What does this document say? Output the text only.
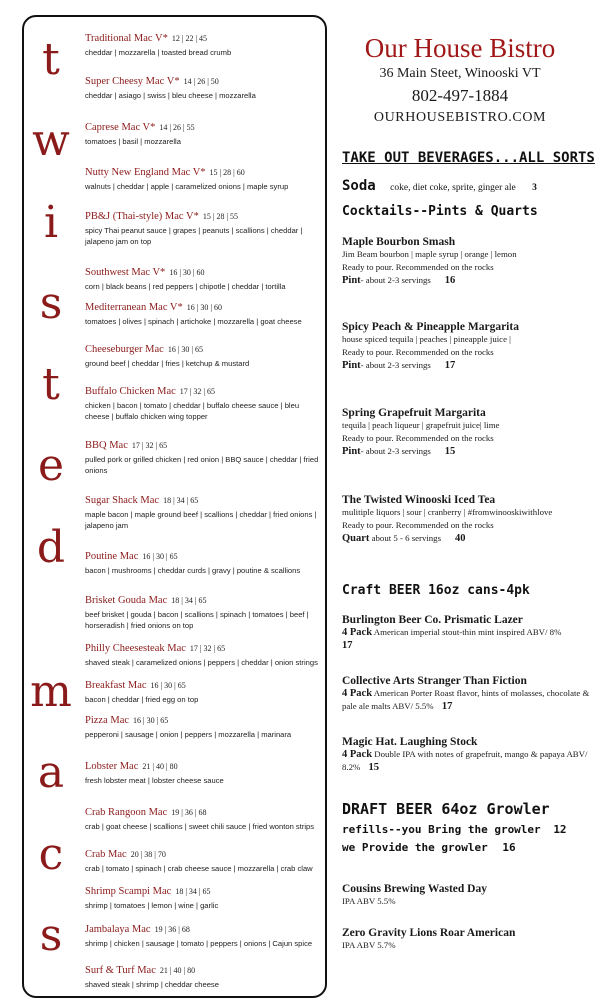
t
w
i
s
t
e
d
m
a
c
s
Traditional Mac V* 12 | 22 | 45
cheddar | mozzarella | toasted bread crumb
Super Cheesy Mac V* 14 | 26 | 50
cheddar | asiago | swiss | bleu cheese | mozzarella
Caprese Mac V* 14 | 26 | 55
tomatoes | basil | mozzarella
Nutty New England Mac V* 15 | 28 | 60
walnuts | cheddar | apple | caramelized onions | maple syrup
PB&J (Thai-style) Mac V* 15 | 28 | 55
spicy Thai peanut sauce | grapes | peanuts | scallions | cheddar | jalapeno jam on top
Southwest Mac V* 16 | 30 | 60
corn | black beans | red peppers | chipotle | cheddar | tortilla
Mediterranean Mac V* 16 | 30 | 60
tomatoes | olives | spinach | artichoke | mozzarella | goat cheese
Cheeseburger Mac 16 | 30 | 65
ground beef | cheddar | fries | ketchup & mustard
Buffalo Chicken Mac 17 | 32 | 65
chicken | bacon | tomato | cheddar | buffalo cheese sauce | bleu cheese | buffalo chicken wing topper
BBQ Mac 17 | 32 | 65
pulled pork or grilled chicken | red onion | BBQ sauce | cheddar | fried onions
Sugar Shack Mac 18 | 34 | 65
maple bacon | maple ground beef | scallions | cheddar | fried onions | jalapeno jam
Poutine Mac 16 | 30 | 65
bacon | mushrooms | cheddar curds | gravy | poutine & scallions
Brisket Gouda Mac 18 | 34 | 65
beef brisket | gouda | bacon | scallions | spinach | tomatoes | beef | horseradish | fried onions on top
Philly Cheesesteak Mac 17 | 32 | 65
shaved steak | caramelized onions | peppers | cheddar | onion strings
Breakfast Mac 16 | 30 | 65
bacon | cheddar | fried egg on top
Pizza Mac 16 | 30 | 65
pepperoni | sausage | onion | peppers | mozzarella | marinara
Lobster Mac 21 | 40 | 80
fresh lobster meat | lobster cheese sauce
Crab Rangoon Mac 19 | 36 | 68
crab | goat cheese | scallions | sweet chili sauce | fried wonton strips
Crab Mac 20 | 38 | 70
crab | tomato | spinach | crab cheese sauce | mozzarella | crab claw
Shrimp Scampi Mac 18 | 34 | 65
shrimp | tomatoes | lemon | wine | garlic
Jambalaya Mac 19 | 36 | 68
shrimp | chicken | sausage | tomato | peppers | onions | Cajun spice
Surf & Turf Mac 21 | 40 | 80
shaved steak | shrimp | cheddar cheese
Our House Bistro
36 Main Steet, Winooski VT
802-497-1884
OURHOUSEBISTRO.COM
TAKE OUT BEVERAGES...ALL SORTS
Soda coke, diet coke, sprite, ginger ale 3
Cocktails--Pints & Quarts
Maple Bourbon Smash
Jim Beam bourbon | maple syrup | orange | lemon
Ready to pour. Recommended on the rocks
Pint- about 2-3 servings 16
Spicy Peach & Pineapple Margarita
house spiced tequila | peaches | pineapple juice |
Ready to pour. Recommended on the rocks
Pint- about 2-3 servings 17
Spring Grapefruit Margarita
tequila | peach liqueur | grapefruit juice| lime
Ready to pour. Recommended on the rocks
Pint- about 2-3 servings 15
The Twisted Winooski Iced Tea
mulitiple liquors | sour | cranberry | #fromwinooskiwithlove
Ready to pour. Recommended on the rocks
Quart about 5 - 6 servings 40
Craft BEER 16oz cans-4pk
Burlington Beer Co. Prismatic Lazer
4 Pack American imperial stout-thin mint inspired ABV/ 8%
17
Collective Arts Stranger Than Fiction
4 Pack American Porter Roast flavor, hints of molasses, chocolate & pale ale malts ABV/ 5.5% 17
Magic Hat. Laughing Stock
4 Pack Double IPA with notes of grapefruit, mango & papaya ABV/ 8.2% 15
DRAFT BEER 64oz Growler
refills--you Bring the growler 12
we Provide the growler 16
Cousins Brewing Wasted Day
IPA ABV 5.5%
Zero Gravity Lions Roar American
IPA ABV 5.7%
